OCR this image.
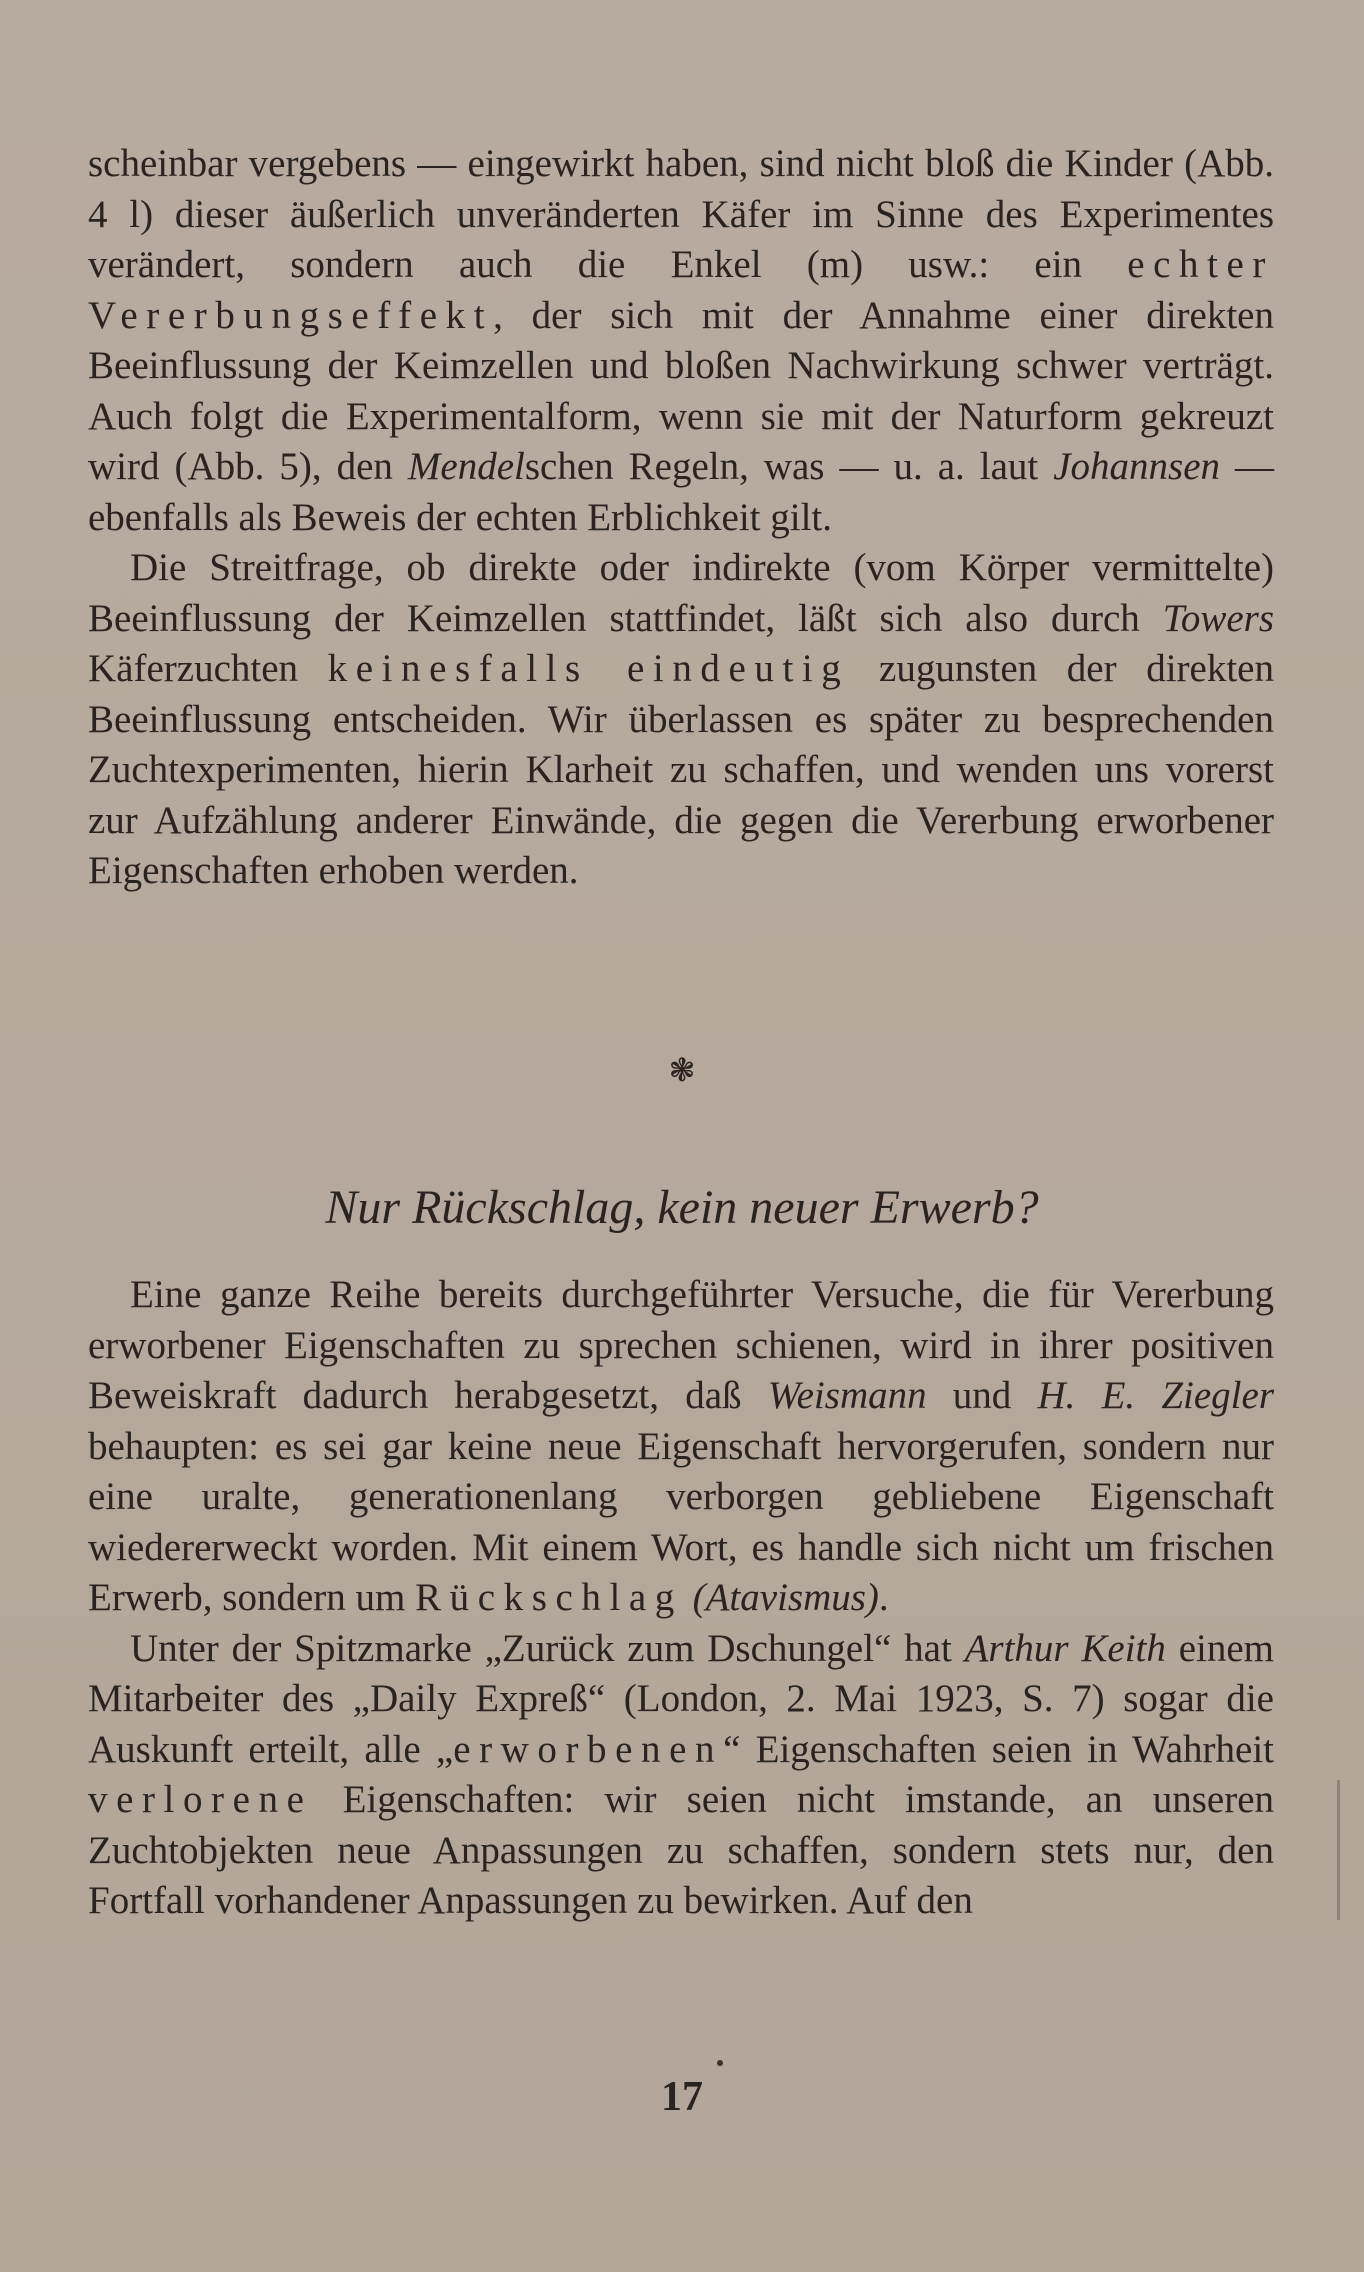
scheinbar vergebens — eingewirkt haben, sind nicht bloß die Kinder (Abb. 4 l) dieser äußerlich unveränderten Käfer im Sinne des Experimentes verändert, sondern auch die Enkel (m) usw.: ein echter Vererbungseffekt, der sich mit der Annahme einer direkten Beeinflussung der Keimzellen und bloßen Nachwirkung schwer verträgt. Auch folgt die Experimentalform, wenn sie mit der Naturform gekreuzt wird (Abb. 5), den Mendelschen Regeln, was — u. a. laut Johannsen — ebenfalls als Beweis der echten Erblichkeit gilt.

Die Streitfrage, ob direkte oder indirekte (vom Körper vermittelte) Beeinflussung der Keimzellen stattfindet, läßt sich also durch Towers Käferzuchten keinesfalls eindeutig zugunsten der direkten Beeinflussung entscheiden. Wir überlassen es später zu besprechenden Zuchtexperimenten, hierin Klarheit zu schaffen, und wenden uns vorerst zur Aufzählung anderer Einwände, die gegen die Vererbung erworbener Eigenschaften erhoben werden.

❃
Nur Rückschlag, kein neuer Erwerb?

Eine ganze Reihe bereits durchgeführter Versuche, die für Vererbung erworbener Eigenschaften zu sprechen schienen, wird in ihrer positiven Beweiskraft dadurch herabgesetzt, daß Weismann und H. E. Ziegler behaupten: es sei gar keine neue Eigenschaft hervorgerufen, sondern nur eine uralte, generationenlang verborgen gebliebene Eigenschaft wiedererweckt worden. Mit einem Wort, es handle sich nicht um frischen Erwerb, sondern um Rückschlag (Atavismus).

Unter der Spitzmarke „Zurück zum Dschungel“ hat Arthur Keith einem Mitarbeiter des „Daily Expreß“ (London, 2. Mai 1923, S. 7) sogar die Auskunft erteilt, alle „erworbenen“ Eigenschaften seien in Wahrheit verlorene Eigenschaften: wir seien nicht imstande, an unseren Zuchtobjekten neue Anpassungen zu schaffen, sondern stets nur, den Fortfall vorhandener Anpassungen zu bewirken. Auf den

17
